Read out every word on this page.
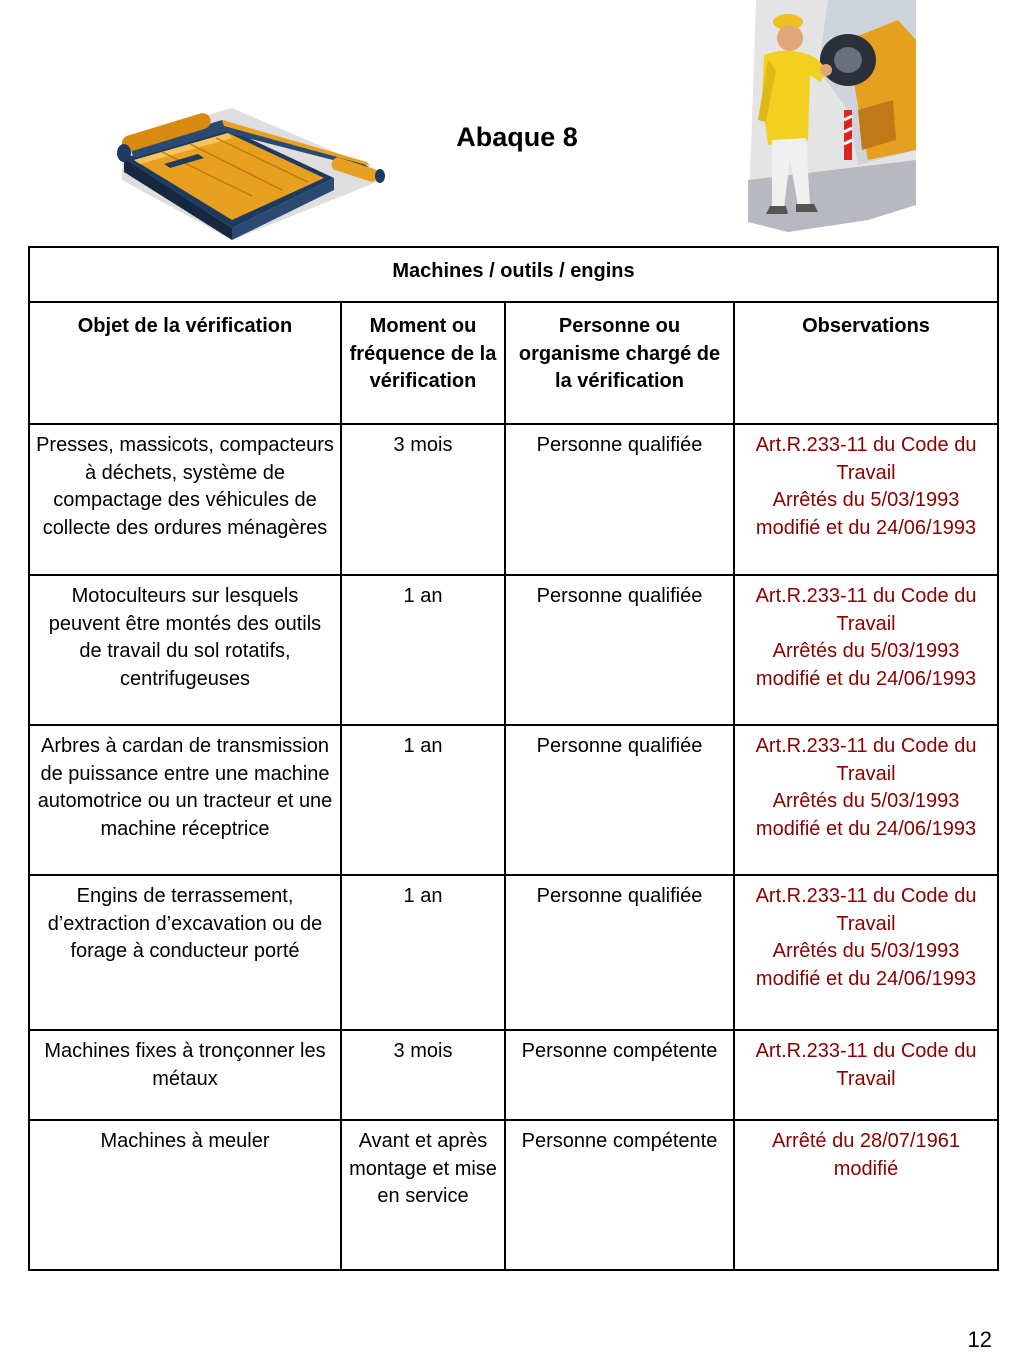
Abaque 8
Machines / outils / engins			
Objet de la vérification	Moment ou fréquence de la vérification	Personne ou organisme chargé de la vérification	Observations
Presses, massicots, compacteurs à déchets, système de compactage des véhicules de collecte des ordures ménagères	3 mois	Personne qualifiée	Art.R.233-11 du Code du Travail
Arrêtés du 5/03/1993 modifié et du 24/06/1993

Motoculteurs sur lesquels peuvent être montés des outils de travail du sol rotatifs, centrifugeuses	1 an	Personne qualifiée	Art.R.233-11 du Code du Travail
Arrêtés du 5/03/1993 modifié et du 24/06/1993

Arbres à cardan de transmission de puissance entre une machine automotrice ou un tracteur et une machine réceptrice	1 an	Personne qualifiée	Art.R.233-11 du Code du Travail
Arrêtés du 5/03/1993 modifié et du 24/06/1993

Engins de terrassement, d’extraction d’excavation ou de forage à conducteur porté	1 an	Personne qualifiée	Art.R.233-11 du Code du Travail
Arrêtés du 5/03/1993 modifié et du 24/06/1993

Machines fixes à tronçonner les métaux	3 mois	Personne compétente	Art.R.233-11 du Code du Travail

Machines à meuler	Avant et après montage et mise en service	Personne compétente	Arrêté du 28/07/1961 modifié
12
